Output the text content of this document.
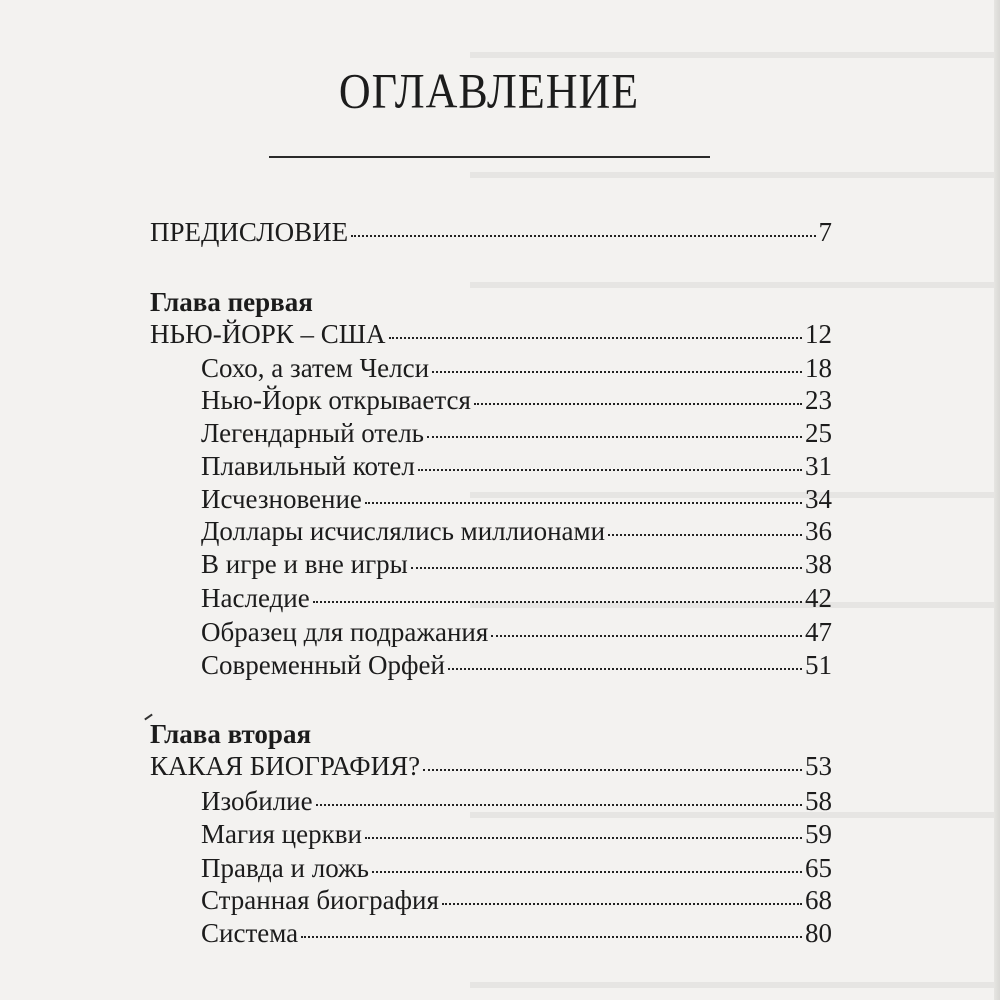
ОГЛАВЛЕНИЕ
ПРЕДИСЛОВИЕ	7
Глава первая
НЬЮ-ЙОРК – США	12
Сохо, а затем Челси	18
Нью-Йорк открывается	23
Легендарный отель	25
Плавильный котел	31
Исчезновение	34
Доллары исчислялись миллионами	36
В игре и вне игры	38
Наследие	42
Образец для подражания	47
Современный Орфей	51
Глава вторая
КАКАЯ БИОГРАФИЯ?	53
Изобилие	58
Магия церкви	59
Правда и ложь	65
Странная биография	68
Система	80
